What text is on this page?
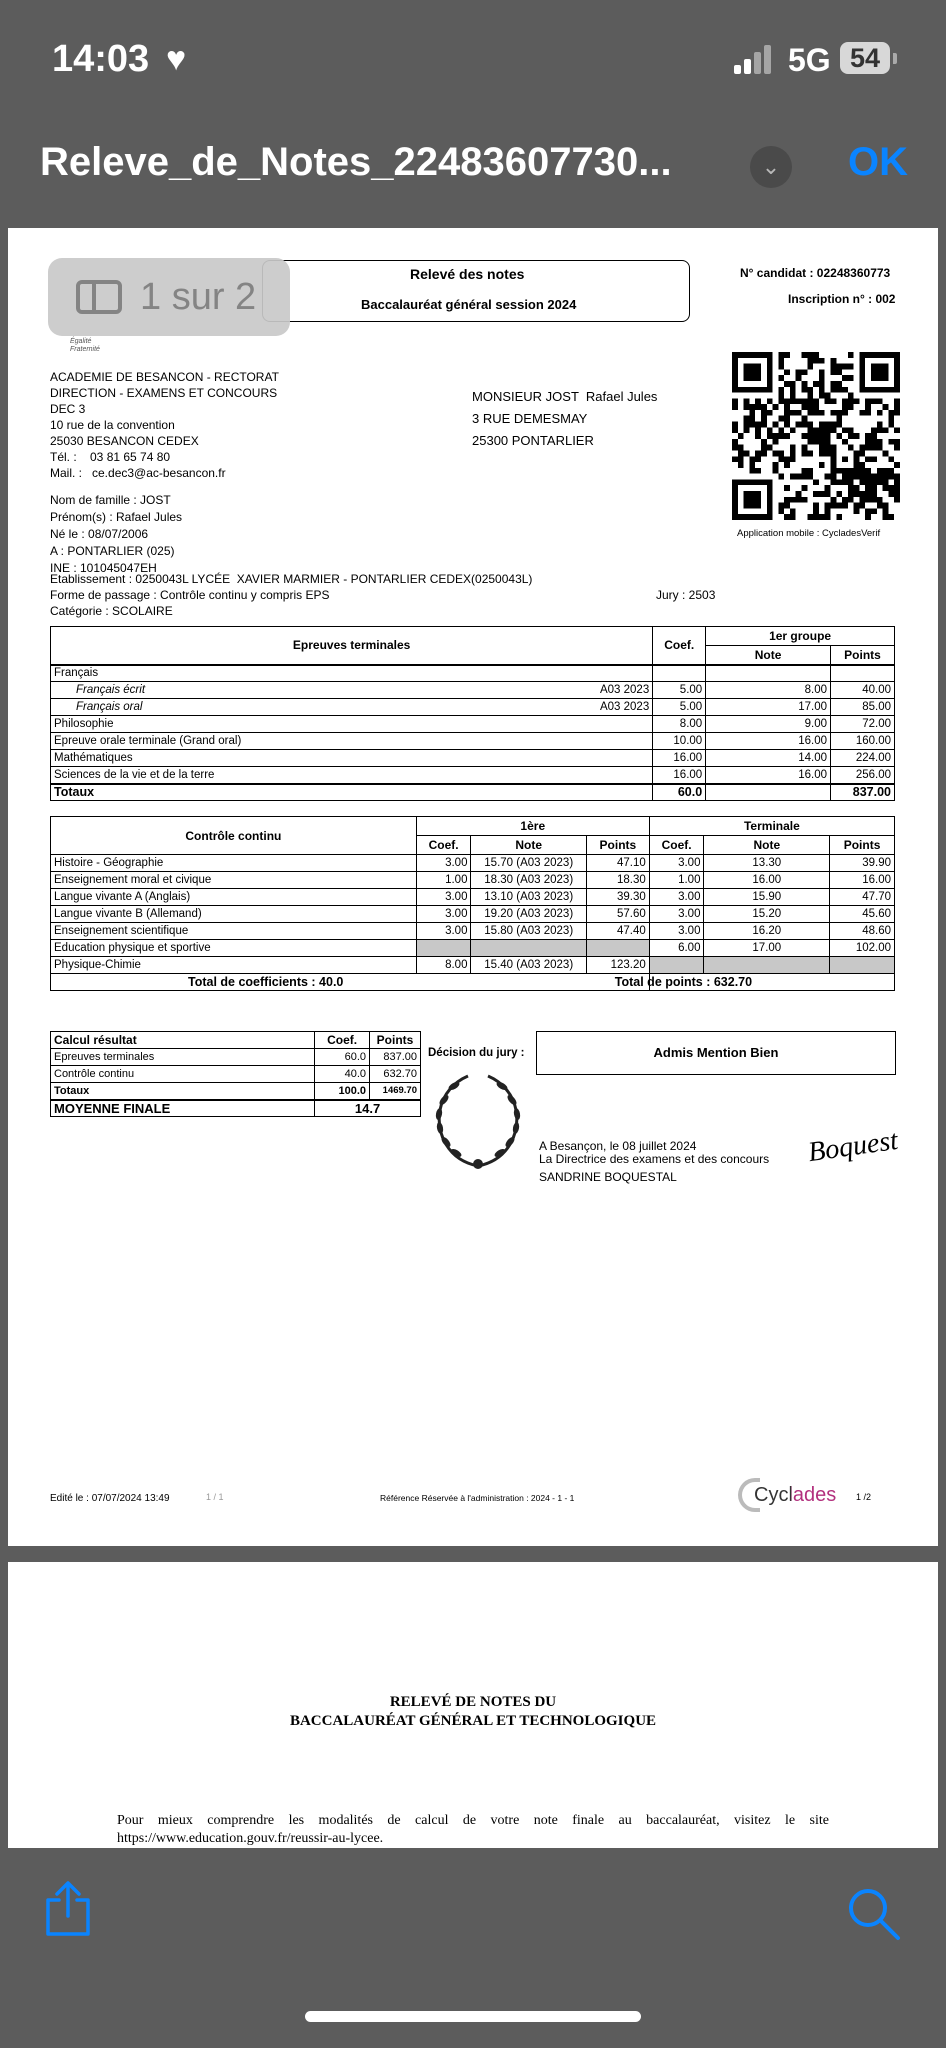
14:03 ♥	5G 54
Releve_de_Notes_22483607730...	⌄ OK
Relevé des notes
Baccalauréat général session 2024
N° candidat : 02248360773
Inscription n° : 002
Égalité
Fraternité
1 sur 2
ACADEMIE DE BESANCON - RECTORAT
DIRECTION - EXAMENS ET CONCOURS
DEC 3
10 rue de la convention
25030 BESANCON CEDEX
Tél. :    03 81 65 74 80
Mail. :   ce.dec3@ac-besancon.fr
MONSIEUR JOST  Rafael Jules
3 RUE DEMESMAY
25300 PONTARLIER
Application mobile : CycladesVerif
Nom de famille : JOST
Prénom(s) : Rafael Jules
Né le : 08/07/2006
A : PONTARLIER (025)
INE : 101045047EH
Etablissement : 0250043L LYCÉE  XAVIER MARMIER - PONTARLIER CEDEX(0250043L)
Forme de passage : Contrôle continu y compris EPS
Catégorie : SCOLAIRE
Jury : 2503
Epreuves terminales	Coef.	1er groupe	
		Note	Points
Français

Français écrit A03 2023	5.00	8.00	40.00
Français oral A03 2023	5.00	17.00	85.00
Philosophie	8.00	9.00	72.00
Epreuve orale terminale (Grand oral)	10.00	16.00	160.00
Mathématiques	16.00	14.00	224.00
Sciences de la vie et de la terre	16.00	16.00	256.00
Totaux	60.0		837.00
Contrôle continu	1ère			Terminale		
	Coef.	Note	Points	Coef.	Note	Points
Histoire - Géographie	3.00	15.70 (A03 2023)	47.10	3.00	13.30	39.90
Enseignement moral et civique	1.00	18.30 (A03 2023)	18.30	1.00	16.00	16.00
Langue vivante A (Anglais)	3.00	13.10 (A03 2023)	39.30	3.00	15.90	47.70
Langue vivante B (Allemand)	3.00	19.20 (A03 2023)	57.60	3.00	15.20	45.60
Enseignement scientifique	3.00	15.80 (A03 2023)	47.40	3.00	16.20	48.60
Education physique et sportive				6.00	17.00	102.00
Physique-Chimie	8.00	15.40 (A03 2023)	123.20			
Total de coefficients : 40.0				Total de points : 632.70		
Calcul résultat	Coef.	Points
Epreuves terminales	60.0	837.00
Contrôle continu	40.0	632.70
Totaux	100.0	1469.70
MOYENNE FINALE	14.7	
Décision du jury :	Admis Mention Bien
A Besançon, le 08 juillet 2024
La Directrice des examens et des concours
SANDRINE BOQUESTAL
Boquest
Edité le : 07/07/2024 13:49	1 / 1	Référence Réservée à l'administration : 2024 - 1 - 1	Cyclades 1 /2
RELEVÉ DE NOTES DU
BACCALAURÉAT GÉNÉRAL ET TECHNOLOGIQUE
Pour mieux comprendre les modalités de calcul de votre note finale au baccalauréat, visitez le site
https://www.education.gouv.fr/reussir-au-lycee.
